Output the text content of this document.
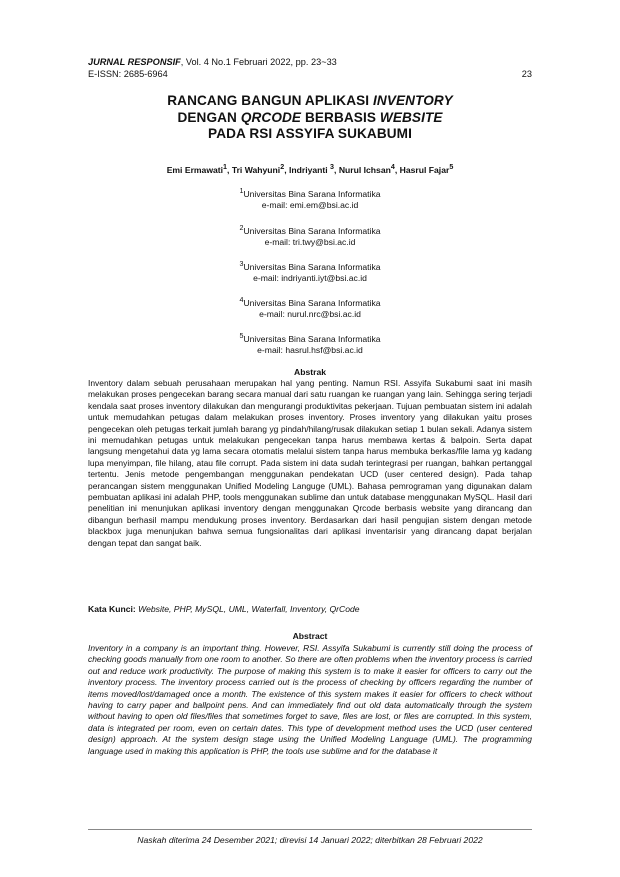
JURNAL RESPONSIF, Vol. 4 No.1 Februari 2022, pp. 23~33
E-ISSN: 2685-6964	23
RANCANG BANGUN APLIKASI INVENTORY
DENGAN QRCODE BERBASIS WEBSITE
PADA RSI ASSYIFA SUKABUMI
Emi Ermawati$^1$, Tri Wahyuni$^2$, Indriyanti $^3$, Nurul Ichsan$^4$, Hasrul Fajar$^5$
$^1$Universitas Bina Sarana Informatika
e-mail: emi.em@bsi.ac.id
$^2$Universitas Bina Sarana Informatika
e-mail: tri.twy@bsi.ac.id
$^3$Universitas Bina Sarana Informatika
e-mail: indriyanti.iyt@bsi.ac.id
$^4$Universitas Bina Sarana Informatika
e-mail: nurul.nrc@bsi.ac.id
$^5$Universitas Bina Sarana Informatika
e-mail: hasrul.hsf@bsi.ac.id
Abstrak

Inventory dalam sebuah perusahaan merupakan hal yang penting. Namun RSI. Assyifa Sukabumi saat ini masih melakukan proses pengecekan barang secara manual dari satu ruangan ke ruangan yang lain. Sehingga sering terjadi kendala saat proses inventory dilakukan dan mengurangi produktivitas pekerjaan. Tujuan pembuatan sistem ini adalah untuk memudahkan petugas dalam melakukan proses inventory. Proses inventory yang dilakukan yaitu proses pengecekan oleh petugas terkait jumlah barang yg pindah/hilang/rusak dilakukan setiap 1 bulan sekali. Adanya sistem ini memudahkan petugas untuk melakukan pengecekan tanpa harus membawa kertas & balpoin. Serta dapat langsung mengetahui data yg lama secara otomatis melalui sistem tanpa harus membuka berkas/file lama yg kadang lupa menyimpan, file hilang, atau file corrupt. Pada sistem ini data sudah terintegrasi per ruangan, bahkan pertanggal tertentu. Jenis metode pengembangan menggunakan pendekatan UCD (user centered design). Pada tahap perancangan sistem menggunakan Unified Modeling Languge (UML). Bahasa pemrograman yang digunakan dalam pembuatan aplikasi ini adalah PHP, tools menggunakan sublime dan untuk database menggunakan MySQL. Hasil dari penelitian ini menunjukan aplikasi inventory dengan menggunakan Qrcode berbasis website yang dirancang dan dibangun berhasil mampu mendukung proses inventory. Berdasarkan dari hasil pengujian sistem dengan metode blackbox juga menunjukan bahwa semua fungsionalitas dari aplikasi inventarisir yang dirancang dapat berjalan dengan tepat dan sangat baik.

Kata Kunci: Website, PHP, MySQL, UML, Waterfall, Inventory, QrCode
Abstract

Inventory in a company is an important thing. However, RSI. Assyifa Sukabumi is currently still doing the process of checking goods manually from one room to another. So there are often problems when the inventory process is carried out and reduce work productivity. The purpose of making this system is to make it easier for officers to carry out the inventory process. The inventory process carried out is the process of checking by officers regarding the number of items moved/lost/damaged once a month. The existence of this system makes it easier for officers to check without having to carry paper and ballpoint pens. And can immediately find out old data automatically through the system without having to open old files/files that sometimes forget to save, files are lost, or files are corrupted. In this system, data is integrated per room, even on certain dates. This type of development method uses the UCD (user centered design) approach. At the system design stage using the Unified Modeling Language (UML). The programming language used in making this application is PHP, the tools use sublime and for the database it

Naskah diterima 24 Desember 2021; direvisi 14 Januari 2022; diterbitkan 28 Februari 2022
